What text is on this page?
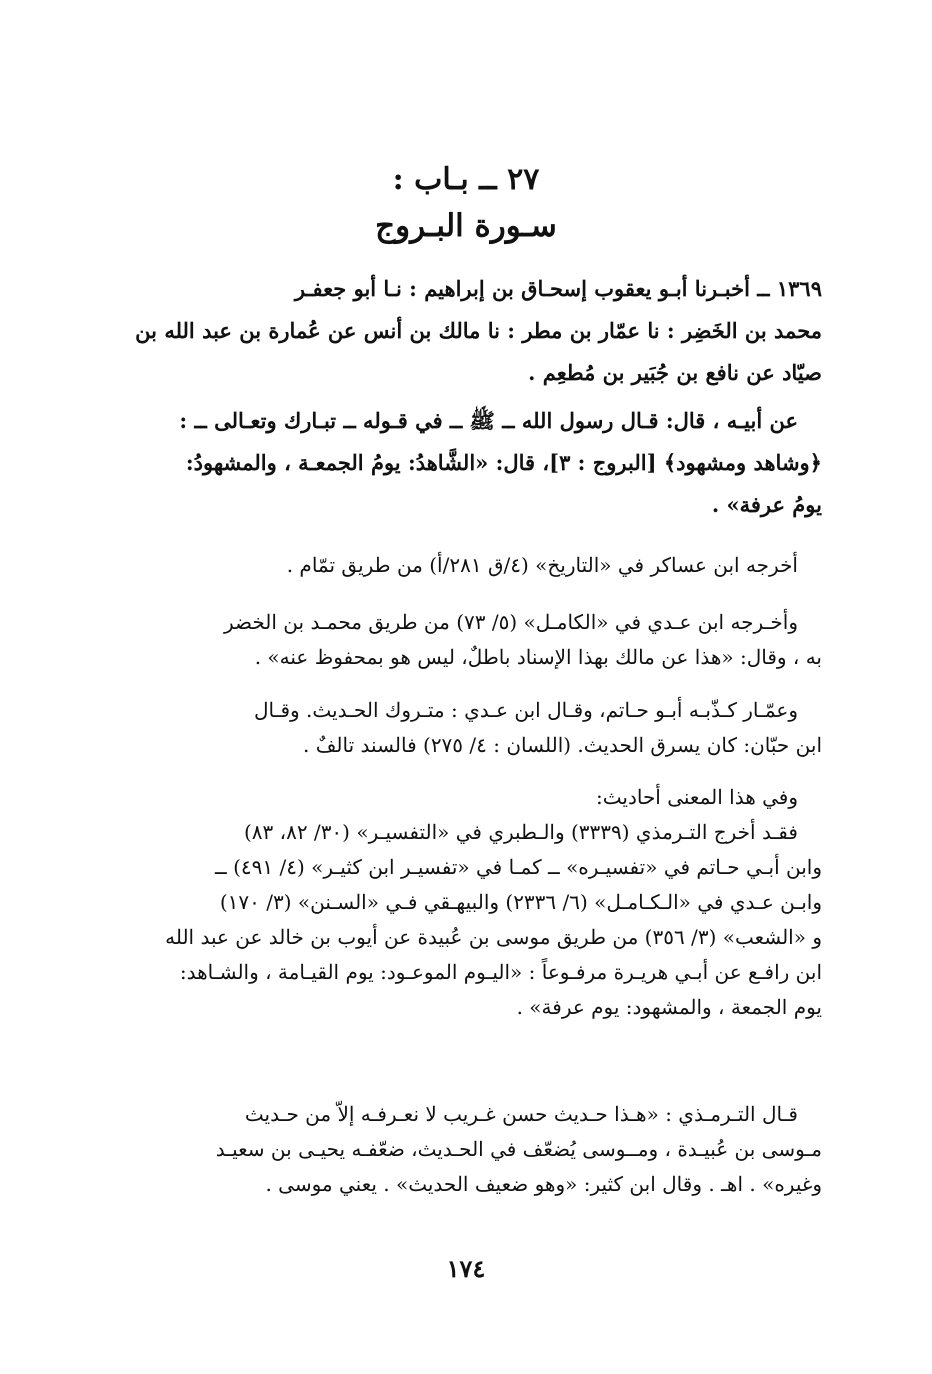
٢٧ ــ بـاب :
سـورة البـروج
١٣٦٩ ــ أخبـرنا أبـو يعقوب إسحـاق بن إبراهيم : نـا أبو جعفـر
محمد بن الخَضِر : نا عمّار بن مطر : نا مالك بن أنس عن عُمارة بن عبد الله بن
صيّاد عن نافع بن جُبَير بن مُطعِم .
عن أبيـه ، قال: قـال رسول الله ــ ﷺ ــ في قـوله ــ تبـارك وتعـالى ــ :
﴿وشاهد ومشهود﴾ [البروج : ٣]، قال: «الشَّاهدُ: يومُ الجمعـة ، والمشهودُ:
يومُ عرفة» .
أخرجه ابن عساكر في «التاريخ» (٤/ق ٢٨١/أ) من طريق تمّام .
وأخـرجه ابن عـدي في «الكامـل» (٥/ ٧٣) من طريق محمـد بن الخضر
به ، وقال: «هذا عن مالك بهذا الإسناد باطلٌ، ليس هو بمحفوظ عنه» .
وعمّـار كـذّبـه أبـو حـاتم، وقـال ابن عـدي : متـروك الحـديث. وقـال
ابن حبّان: كان يسرق الحديث. (اللسان : ٤/ ٢٧٥) فالسند تالفٌ .
وفي هذا المعنى أحاديث:
فقـد أخرج التـرمذي (٣٣٣٩) والـطبري في «التفسيـر» (٣٠/ ٨٢، ٨٣)
وابن أبـي حـاتم في «تفسيـره» ــ كمـا في «تفسيـر ابن كثيـر» (٤/ ٤٩١) ــ
وابـن عـدي في «الـكـامـل» (٦/ ٢٣٣٦) والبيهـقي فـي «السـنن» (٣/ ١٧٠)
و «الشعب» (٣/ ٣٥٦) من طريق موسى بن عُبيدة عن أيوب بن خالد عن عبد الله
ابن رافـع عن أبـي هريـرة مرفـوعاً : «اليـوم الموعـود: يوم القيـامة ، والشـاهد:
يوم الجمعة ، والمشهود: يوم عرفة» .
قـال التـرمـذي : «هـذا حـديث حسن غـريب لا نعـرفـه إلاّ من حـديث
مـوسى بن عُبيـدة ، ومــوسى يُضعّف في الحـديث، ضعّفـه يحيـى بن سعيـد
وغيره» . اهـ . وقال ابن كثير: «وهو ضعيف الحديث» . يعني موسى .
١٧٤
